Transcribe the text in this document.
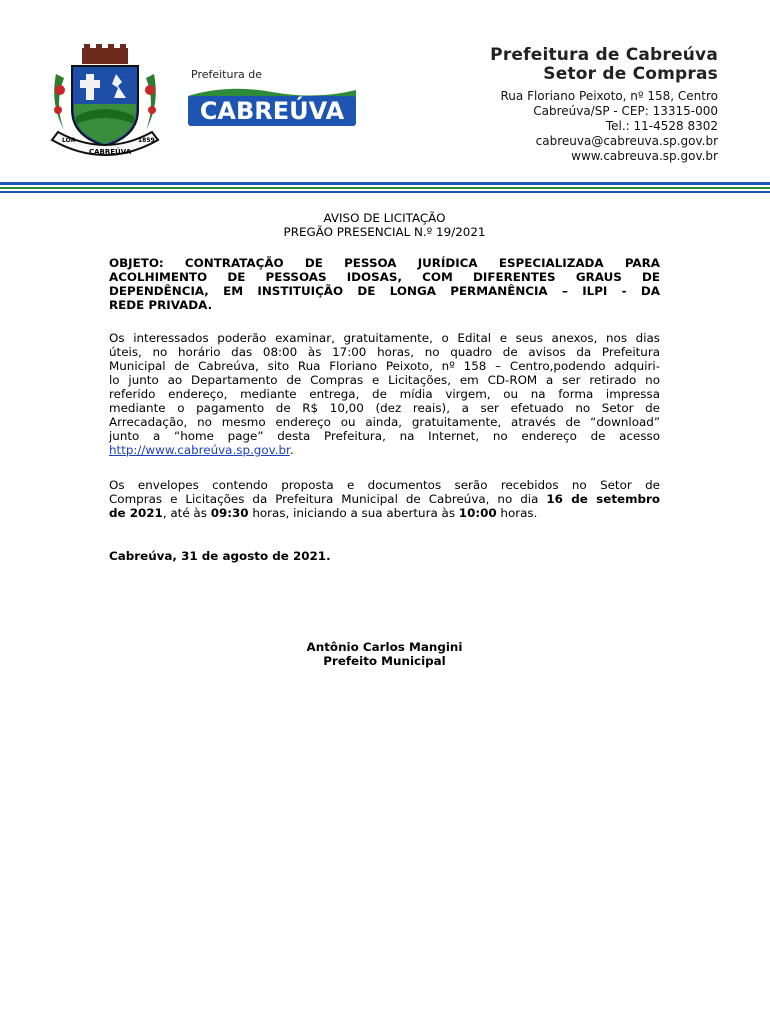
LOR
CABREÚVA
1859
Prefeitura de
CABREÚVA
Prefeitura de Cabreúva
Setor de Compras
Rua Floriano Peixoto, nº 158, Centro
Cabreúva/SP - CEP: 13315-000
Tel.: 11-4528 8302
cabreuva@cabreuva.sp.gov.br
www.cabreuva.sp.gov.br

AVISO DE LICITAÇÃO

PREGÃO PRESENCIAL N.º 19/2021

OBJETO: CONTRATAÇÃO DE PESSOA JURÍDICA ESPECIALIZADA PARA

ACOLHIMENTO DE PESSOAS IDOSAS, COM DIFERENTES GRAUS DE

DEPENDÊNCIA, EM INSTITUIÇÃO DE LONGA PERMANÊNCIA – ILPI - DA

REDE PRIVADA.

Os interessados poderão examinar, gratuitamente, o Edital e seus anexos, nos dias

úteis, no horário das 08:00 às 17:00 horas, no quadro de avisos da Prefeitura

Municipal de Cabreúva, sito Rua Floriano Peixoto, nº 158 – Centro,podendo adquiri-

lo junto ao Departamento de Compras e Licitações, em CD-ROM a ser retirado no

referido endereço, mediante entrega, de mídia virgem, ou na forma impressa

mediante o pagamento de R$ 10,00 (dez reais), a ser efetuado no Setor de

Arrecadação, no mesmo endereço ou ainda, gratuitamente, através de “download”

junto a “home page” desta Prefeitura, na Internet, no endereço de acesso

http://www.cabreúva.sp.gov.br.

Os envelopes contendo proposta e documentos serão recebidos no Setor de

Compras e Licitações da Prefeitura Municipal de Cabreúva, no dia 16 de setembro

de 2021, até às 09:30 horas, iniciando a sua abertura às 10:00 horas.

Cabreúva, 31 de agosto de 2021.

Antônio Carlos Mangini

Prefeito Municipal
